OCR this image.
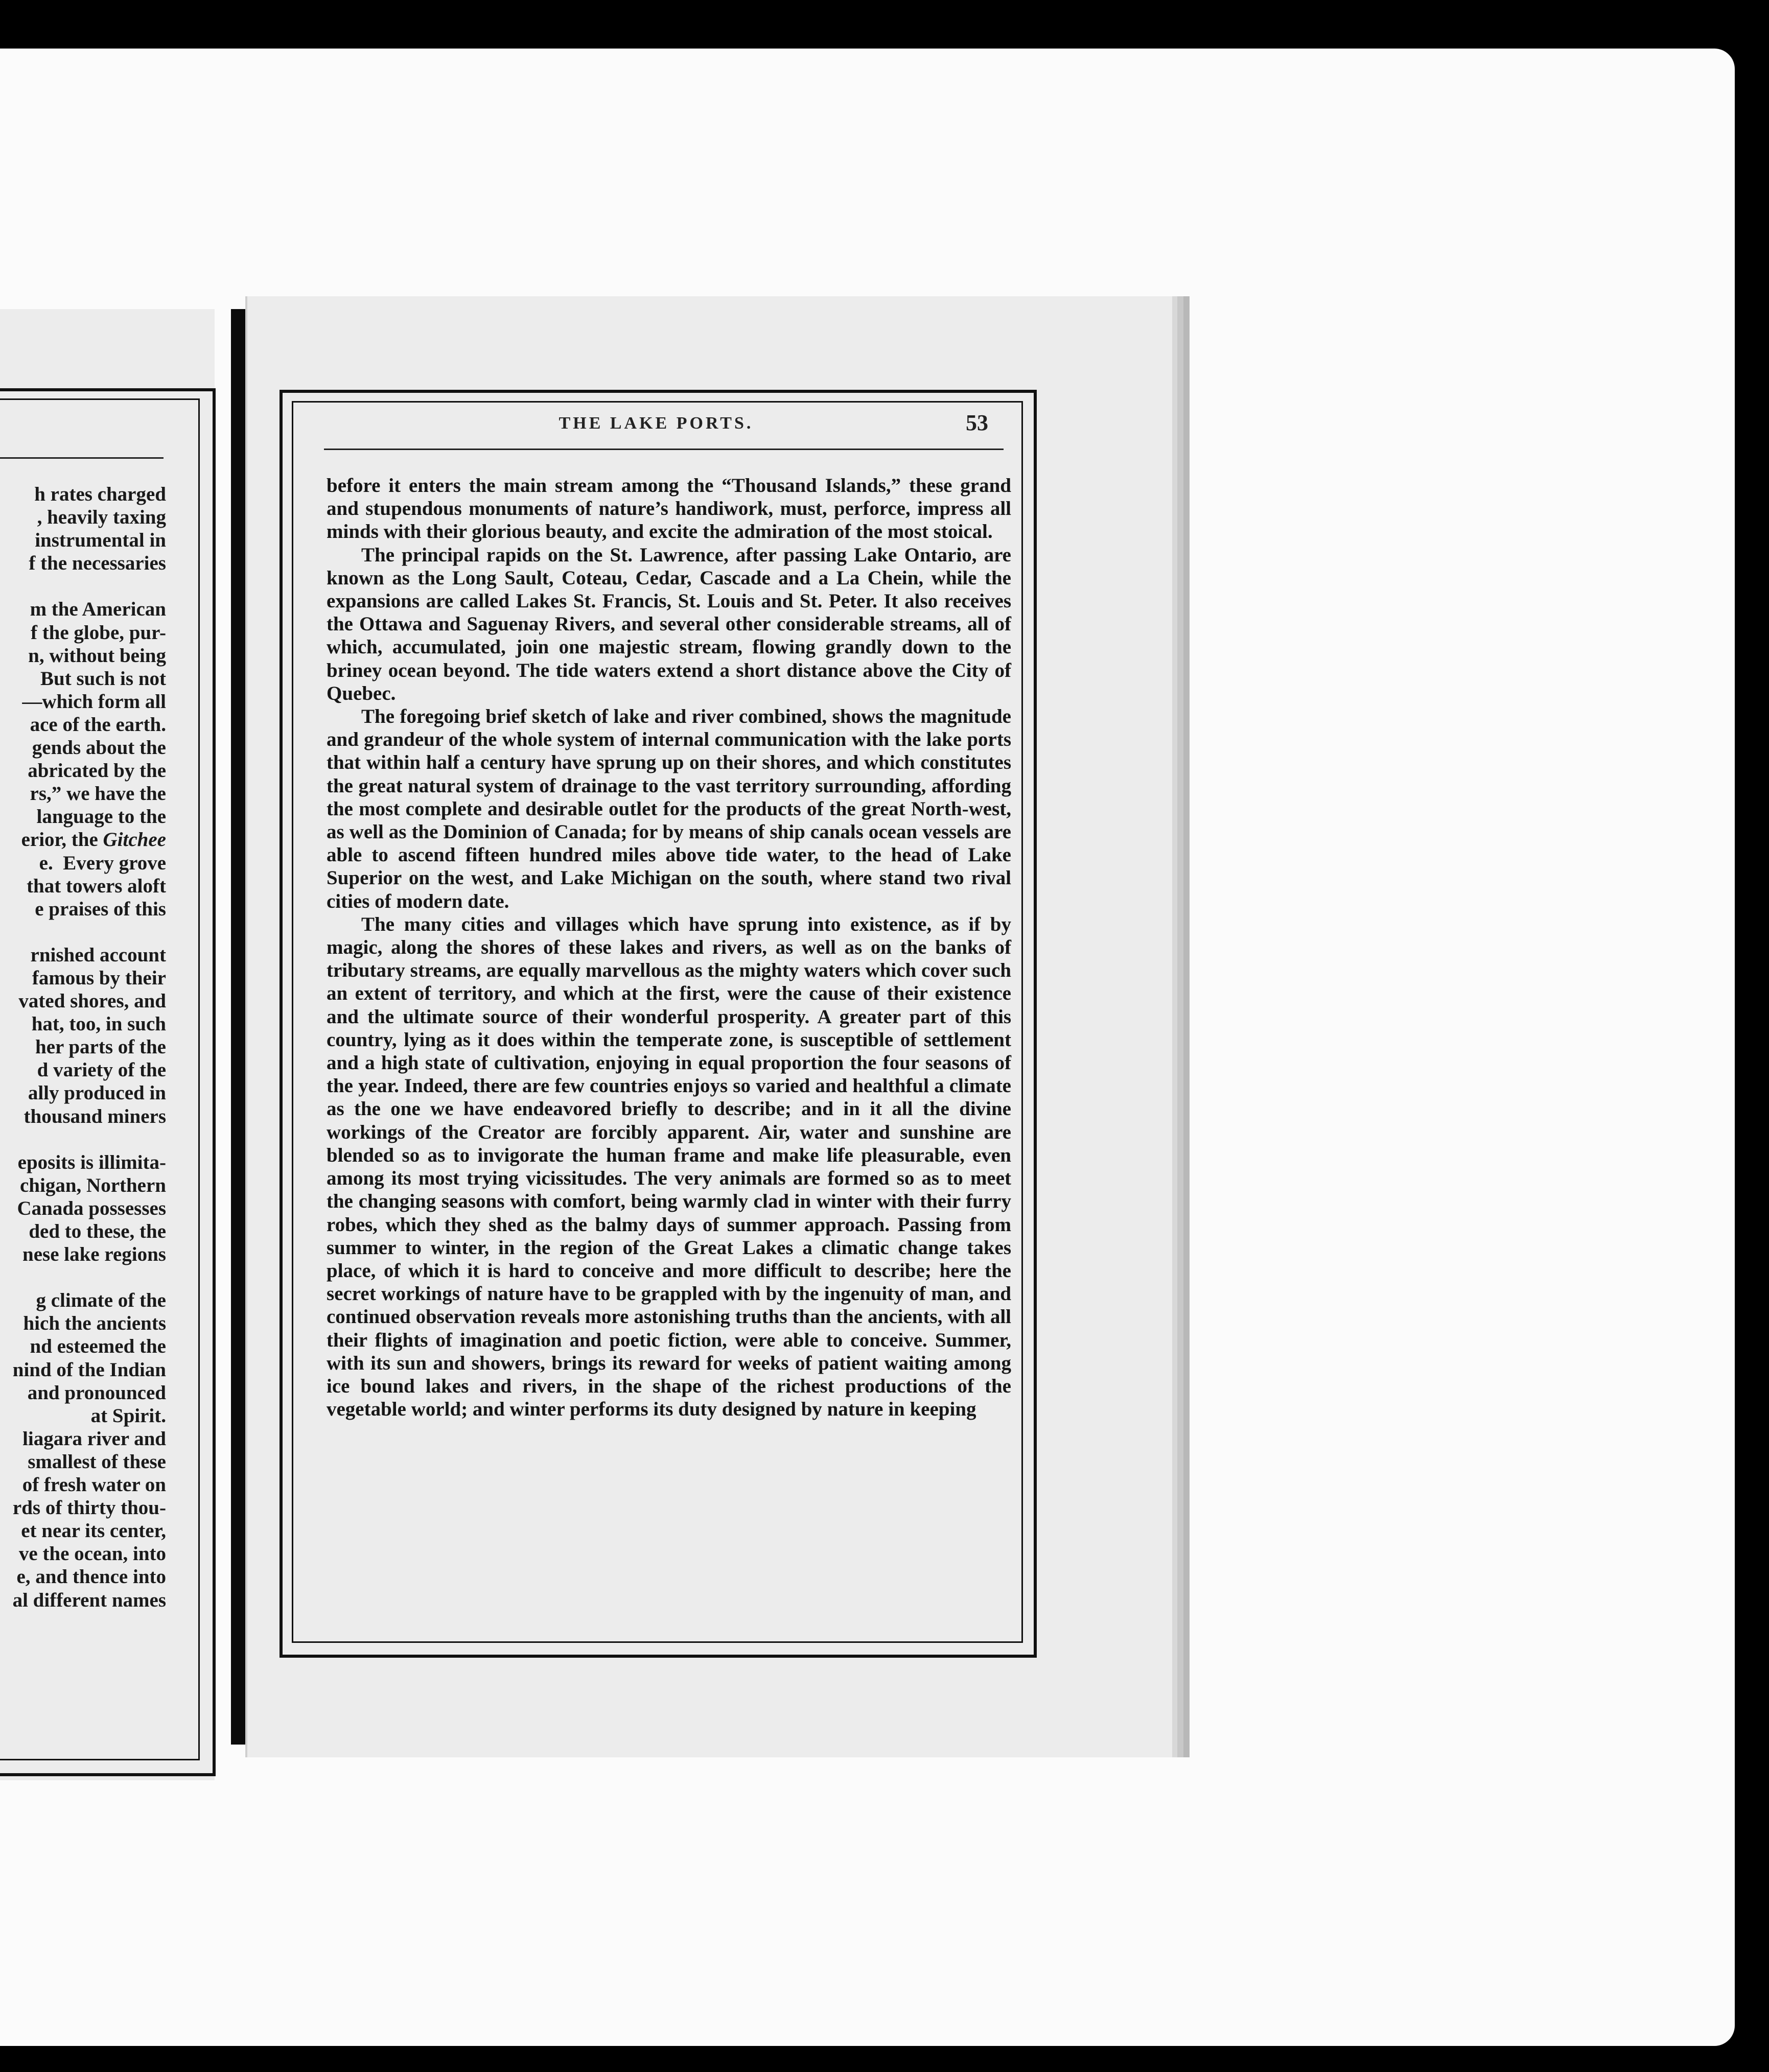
h rates charged
, heavily taxing
instrumental in
f the necessaries
m the American
f the globe, pur-
n, without being
But such is not
—which form all
ace of the earth.
gends about the
abricated by the
rs,” we have the
language to the
erior, the Gitchee
e.  Every grove
that towers aloft
e praises of this
rnished account
famous by their
vated shores, and
hat, too, in such
her parts of the
d variety of the
ally produced in
thousand miners
eposits is illimita-
chigan, Northern
Canada possesses
ded to these, the
nese lake regions
g climate of the
hich the ancients
nd esteemed the
nind of the Indian
and pronounced
at Spirit.
liagara river and
smallest of these
of fresh water on
rds of thirty thou-
et near its center,
ve the ocean, into
e, and thence into
al different names
THE LAKE PORTS.	53

before it enters the main stream among the “Thousand Islands,” these grand and stupendous monuments of nature’s handiwork, must, perforce, impress all minds with their glorious beauty, and excite the admiration of the most stoical.

The principal rapids on the St. Lawrence, after passing Lake Ontario, are known as the Long Sault, Coteau, Cedar, Cascade and a La Chein, while the expansions are called Lakes St. Francis, St. Louis and St. Peter. It also receives the Ottawa and Saguenay Rivers, and several other considerable streams, all of which, accumulated, join one majestic stream, flowing grandly down to the briney ocean beyond. The tide waters extend a short distance above the City of Quebec.

The foregoing brief sketch of lake and river combined, shows the magnitude and grandeur of the whole system of internal communication with the lake ports that within half a century have sprung up on their shores, and which constitutes the great natural system of drainage to the vast territory surrounding, affording the most complete and desirable outlet for the products of the great North-west, as well as the Dominion of Canada; for by means of ship canals ocean vessels are able to ascend fifteen hundred miles above tide water, to the head of Lake Superior on the west, and Lake Michigan on the south, where stand two rival cities of modern date.

The many cities and villages which have sprung into existence, as if by magic, along the shores of these lakes and rivers, as well as on the banks of tributary streams, are equally marvellous as the mighty waters which cover such an extent of territory, and which at the first, were the cause of their existence and the ultimate source of their wonderful prosperity. A greater part of this country, lying as it does within the temperate zone, is susceptible of settlement and a high state of cultivation, enjoying in equal proportion the four seasons of the year. Indeed, there are few countries enjoys so varied and healthful a climate as the one we have endeavored briefly to describe; and in it all the divine workings of the Creator are forcibly apparent. Air, water and sunshine are blended so as to invigorate the human frame and make life pleasurable, even among its most trying vicissitudes. The very animals are formed so as to meet the changing seasons with comfort, being warmly clad in winter with their furry robes, which they shed as the balmy days of summer approach. Passing from summer to winter, in the region of the Great Lakes a climatic change takes place, of which it is hard to conceive and more difficult to describe; here the secret workings of nature have to be grappled with by the ingenuity of man, and continued observation reveals more astonishing truths than the ancients, with all their flights of imagination and poetic fiction, were able to conceive. Summer, with its sun and showers, brings its reward for weeks of patient waiting among ice bound lakes and rivers, in the shape of the richest productions of the vegetable world; and winter performs its duty designed by nature in keeping
